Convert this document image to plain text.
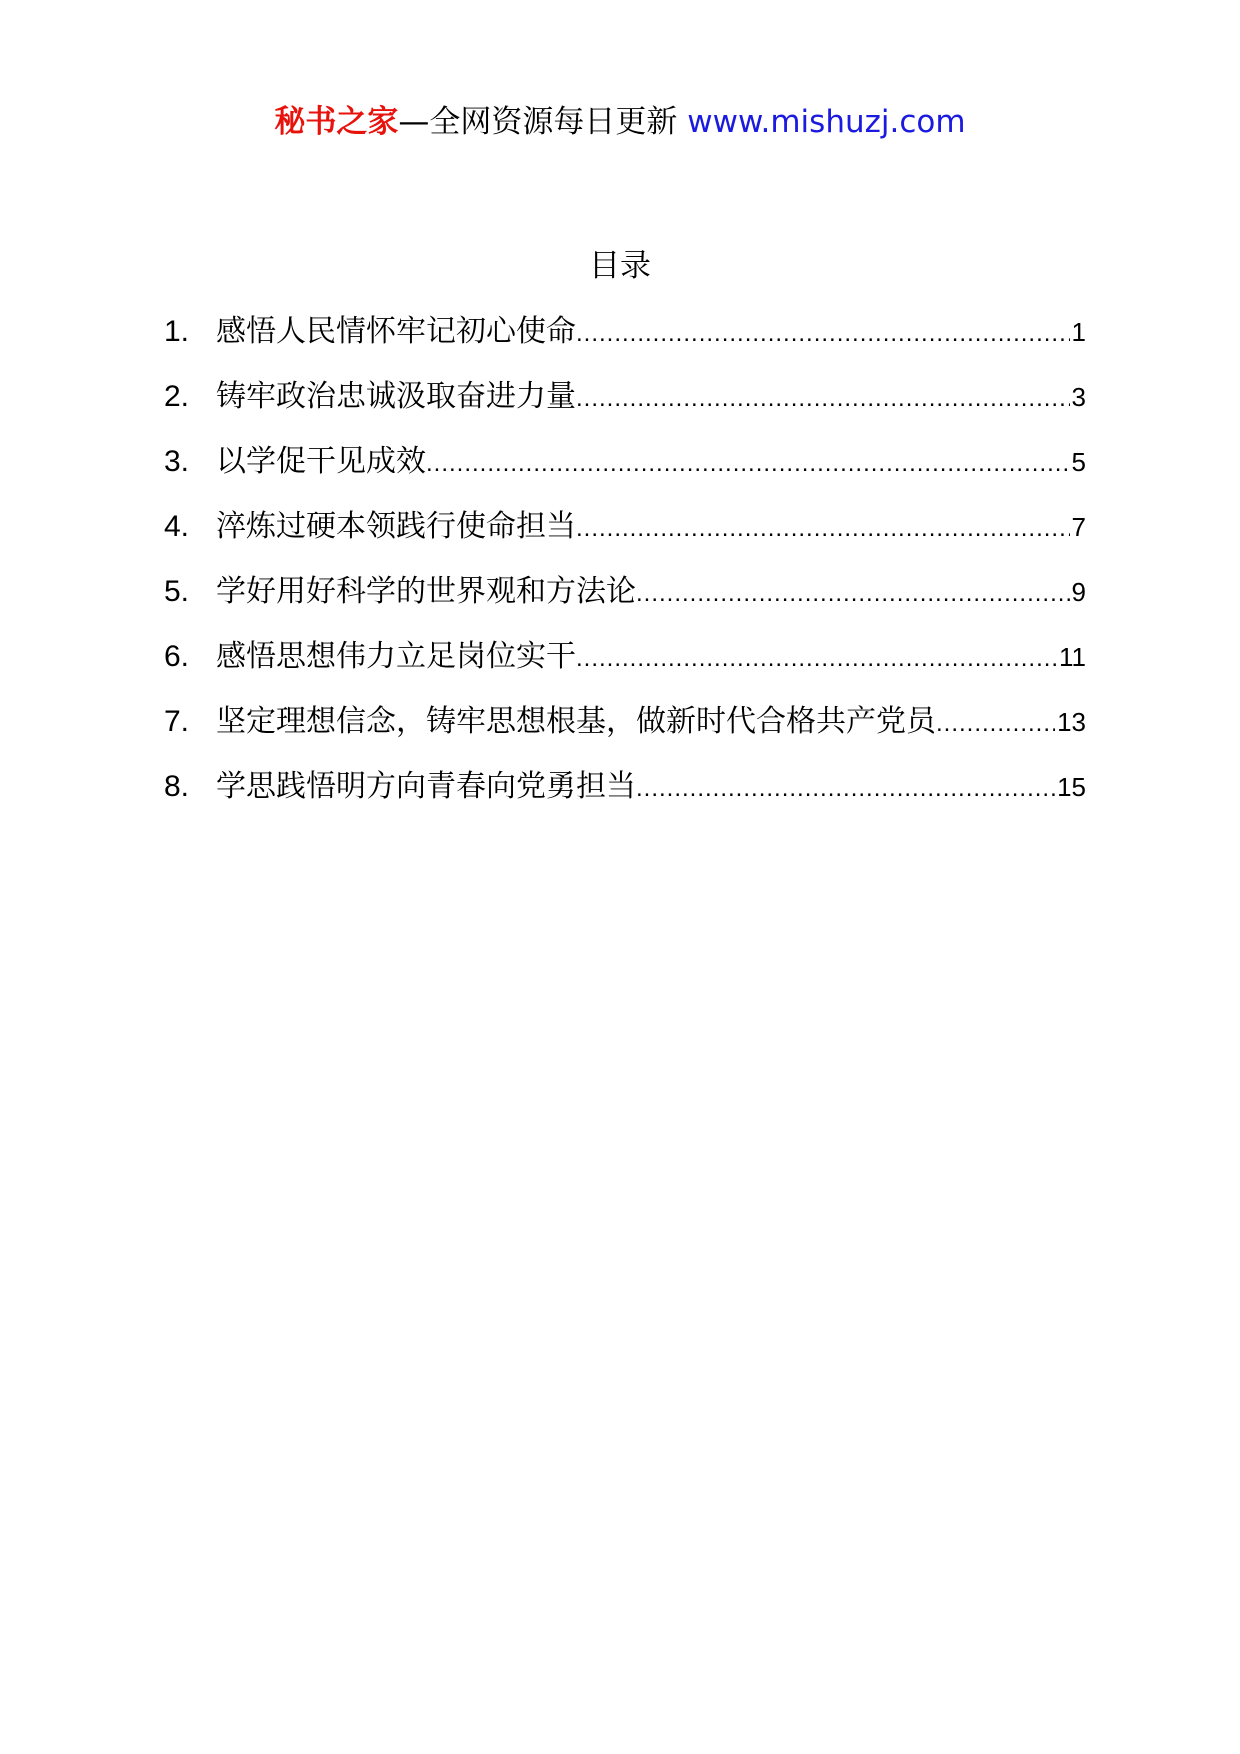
秘书之家—全网资源每日更新 www.mishuzj.com
目录
1. 感悟人民情怀牢记初心使命 .....	1
2. 铸牢政治忠诚汲取奋进力量 .....	3
3. 以学促干见成效 .....	5
4. 淬炼过硬本领践行使命担当 .....	7
5. 学好用好科学的世界观和方法论 .....	9
6. 感悟思想伟力立足岗位实干 .....	11
7. 坚定理想信念，铸牢思想根基，做新时代合格共产党员 .....	13
8. 学思践悟明方向青春向党勇担当 .....	15
